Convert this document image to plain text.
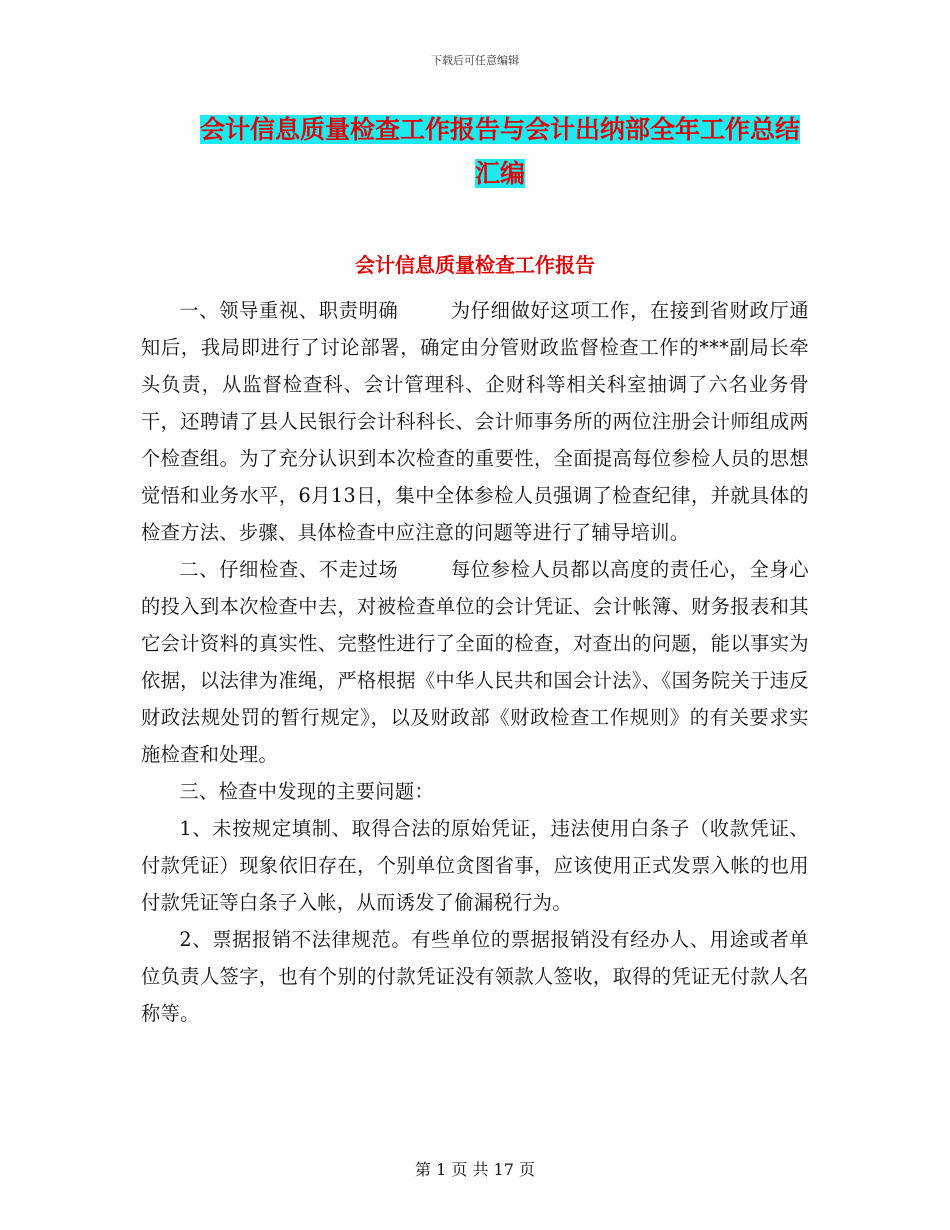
下载后可任意编辑
会计信息质量检查工作报告与会计出纳部全年工作总结汇编
会计信息质量检查工作报告

一、领导重视、职责明确	为仔细做好这项工作，在接到省财政厅通知后，我局即进行了讨论部署，确定由分管财政监督检查工作的***副局长牵头负责，从监督检查科、会计管理科、企财科等相关科室抽调了六名业务骨干，还聘请了县人民银行会计科科长、会计师事务所的两位注册会计师组成两个检查组。为了充分认识到本次检查的重要性，全面提高每位参检人员的思想觉悟和业务水平，6月13日，集中全体参检人员强调了检查纪律，并就具体的检查方法、步骤、具体检查中应注意的问题等进行了辅导培训。

二、仔细检查、不走过场	每位参检人员都以高度的责任心，全身心的投入到本次检查中去，对被检查单位的会计凭证、会计帐簿、财务报表和其它会计资料的真实性、完整性进行了全面的检查，对查出的问题，能以事实为依据，以法律为准绳，严格根据《中华人民共和国会计法》、《国务院关于违反财政法规处罚的暂行规定》，以及财政部《财政检查工作规则》的有关要求实施检查和处理。

三、检查中发现的主要问题：

1、未按规定填制、取得合法的原始凭证，违法使用白条子（收款凭证、付款凭证）现象依旧存在，个别单位贪图省事，应该使用正式发票入帐的也用付款凭证等白条子入帐，从而诱发了偷漏税行为。

2、票据报销不法律规范。有些单位的票据报销没有经办人、用途或者单位负责人签字，也有个别的付款凭证没有领款人签收，取得的凭证无付款人名称等。

第 1 页 共 17 页
